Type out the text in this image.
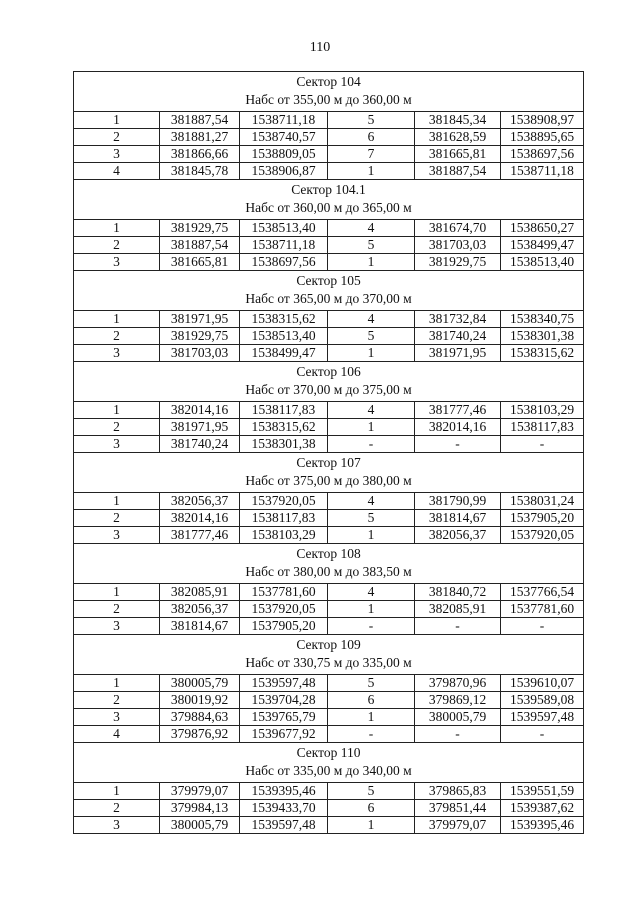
110
Сектор 104
Набс от 355,00 м до 360,00 м					

1	381887,54	1538711,18	5	381845,34	1538908,97
2	381881,27	1538740,57	6	381628,59	1538895,65
3	381866,66	1538809,05	7	381665,81	1538697,56
4	381845,78	1538906,87	1	381887,54	1538711,18

Сектор 104.1
Набс от 360,00 м до 365,00 м					

1	381929,75	1538513,40	4	381674,70	1538650,27
2	381887,54	1538711,18	5	381703,03	1538499,47
3	381665,81	1538697,56	1	381929,75	1538513,40

Сектор 105
Набс от 365,00 м до 370,00 м					

1	381971,95	1538315,62	4	381732,84	1538340,75
2	381929,75	1538513,40	5	381740,24	1538301,38
3	381703,03	1538499,47	1	381971,95	1538315,62

Сектор 106
Набс от 370,00 м до 375,00 м					

1	382014,16	1538117,83	4	381777,46	1538103,29
2	381971,95	1538315,62	1	382014,16	1538117,83
3	381740,24	1538301,38	-	-	-

Сектор 107
Набс от 375,00 м до 380,00 м					

1	382056,37	1537920,05	4	381790,99	1538031,24
2	382014,16	1538117,83	5	381814,67	1537905,20
3	381777,46	1538103,29	1	382056,37	1537920,05

Сектор 108
Набс от 380,00 м до 383,50 м					

1	382085,91	1537781,60	4	381840,72	1537766,54
2	382056,37	1537920,05	1	382085,91	1537781,60
3	381814,67	1537905,20	-	-	-

Сектор 109
Набс от 330,75 м до 335,00 м					

1	380005,79	1539597,48	5	379870,96	1539610,07
2	380019,92	1539704,28	6	379869,12	1539589,08
3	379884,63	1539765,79	1	380005,79	1539597,48
4	379876,92	1539677,92	-	-	-

Сектор 110
Набс от 335,00 м до 340,00 м					

1	379979,07	1539395,46	5	379865,83	1539551,59
2	379984,13	1539433,70	6	379851,44	1539387,62
3	380005,79	1539597,48	1	379979,07	1539395,46
